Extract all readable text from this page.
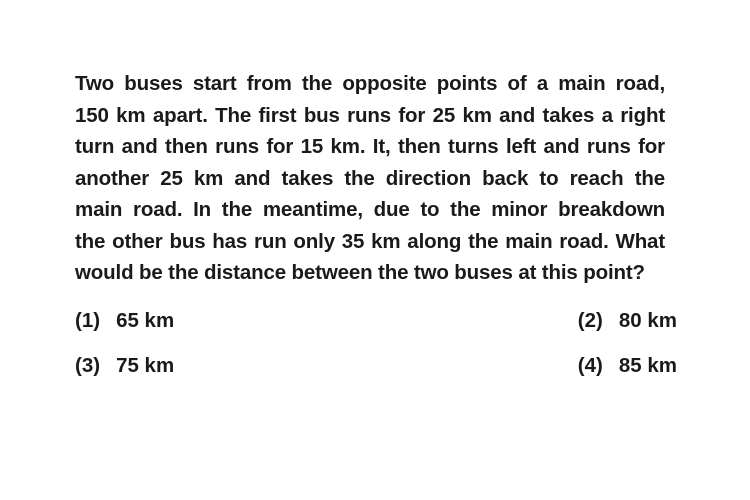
Two buses start from the opposite points of a main road,
150 km apart. The first bus runs for 25 km and takes a right
turn and then runs for 15 km. It, then turns left and runs for
another 25 km and takes the direction back to reach the
main road. In the meantime, due to the minor breakdown
the other bus has run only 35 km along the main road. What
would be the distance between the two buses at this point?
(1) 65 km	(2) 80 km
(3) 75 km	(4) 85 km
